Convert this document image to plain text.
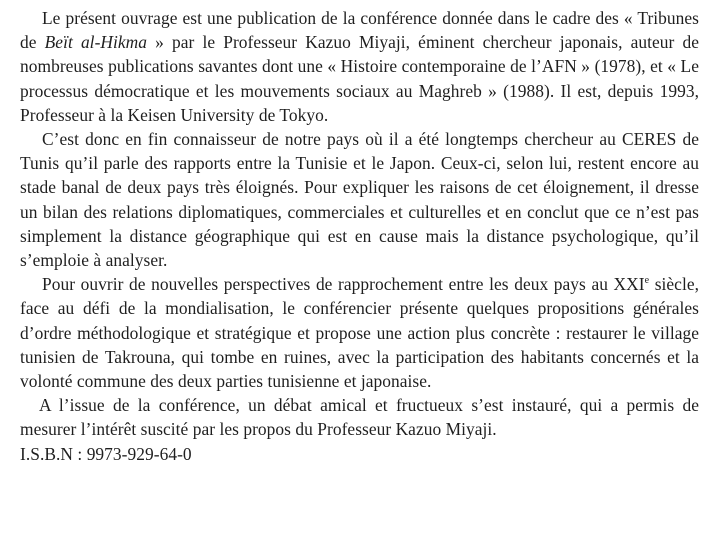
Le présent ouvrage est une publication de la conférence donnée dans le cadre des « Tribunes de Beït al-Hikma » par le Professeur Kazuo Miyaji, éminent chercheur japonais, auteur de nombreuses publications savantes dont une « Histoire contemporaine de l’AFN » (1978), et « Le processus démocratique et les mouvements sociaux au Maghreb » (1988). Il est, depuis 1993, Professeur à la Keisen University de Tokyo.

C’est donc en fin connaisseur de notre pays où il a été longtemps chercheur au CERES de Tunis qu’il parle des rapports entre la Tunisie et le Japon. Ceux-ci, selon lui, restent encore au stade banal de deux pays très éloignés. Pour expliquer les raisons de cet éloignement, il dresse un bilan des relations diplomatiques, commerciales et culturelles et en conclut que ce n’est pas simplement la distance géographique qui est en cause mais la distance psychologique, qu’il s’emploie à analyser.

Pour ouvrir de nouvelles perspectives de rapprochement entre les deux pays au XXIe siècle, face au défi de la mondialisation, le conférencier présente quelques propositions générales d’ordre méthodologique et stratégique et propose une action plus concrète : restaurer le village tunisien de Takrouna, qui tombe en ruines, avec la participation des habitants concernés et la volonté commune des deux parties tunisienne et japonaise.

A l’issue de la conférence, un débat amical et fructueux s’est instauré, qui a permis de mesurer l’intérêt suscité par les propos du Professeur Kazuo Miyaji.

I.S.B.N : 9973-929-64-0
